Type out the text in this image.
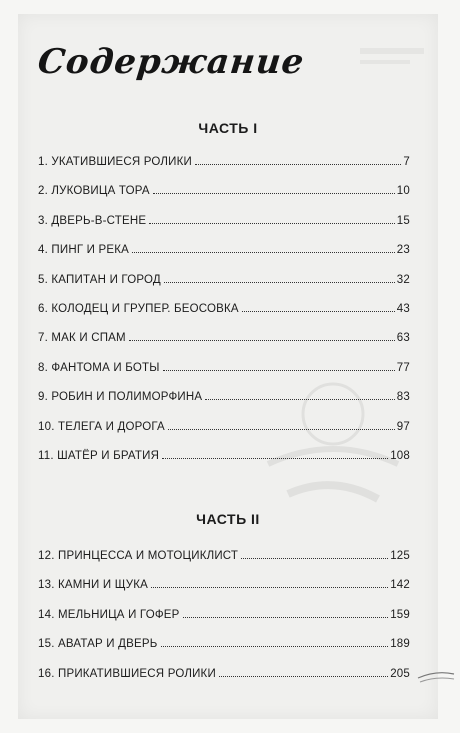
Содержание
ЧАСТЬ I
1. УКАТИВШИЕСЯ РОЛИКИ	7
2. ЛУКОВИЦА ТОРА	10
3. ДВЕРЬ-В-СТЕНЕ	15
4. ПИНГ И РЕКА	23
5. КАПИТАН И ГОРОД	32
6. КОЛОДЕЦ И ГРУПЕР. БЕОСОВКА	43
7. МАК И СПАМ	63
8. ФАНТОМА И БОТЫ	77
9. РОБИН И ПОЛИМОРФИНА	83
10. ТЕЛЕГА И ДОРОГА	97
11. ШАТЁР И БРАТИЯ	108
ЧАСТЬ II
12. ПРИНЦЕССА И МОТОЦИКЛИСТ	125
13. КАМНИ И ЩУКА	142
14. МЕЛЬНИЦА И ГОФЕР	159
15. АВАТАР И ДВЕРЬ	189
16. ПРИКАТИВШИЕСЯ РОЛИКИ	205
